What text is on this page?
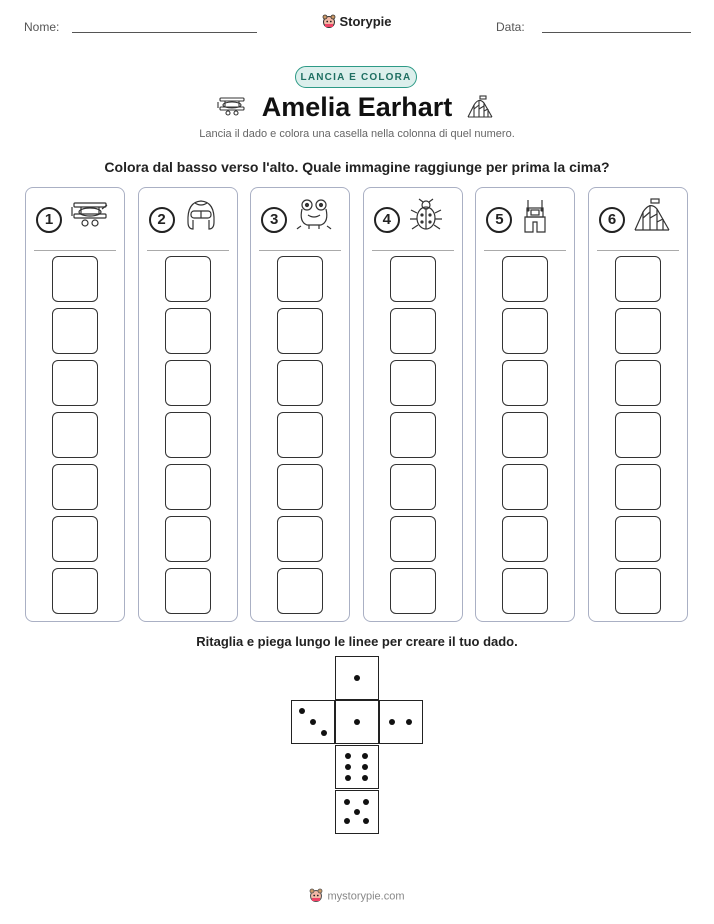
Nome:	Storypie	Data:
LANCIA E COLORA
Amelia Earhart
Lancia il dado e colora una casella nella colonna di quel numero.
Colora dal basso verso l'alto. Quale immagine raggiunge per prima la cima?
1	2	3	4	5	6
Ritaglia e piega lungo le linee per creare il tuo dado.
mystorypie.com
